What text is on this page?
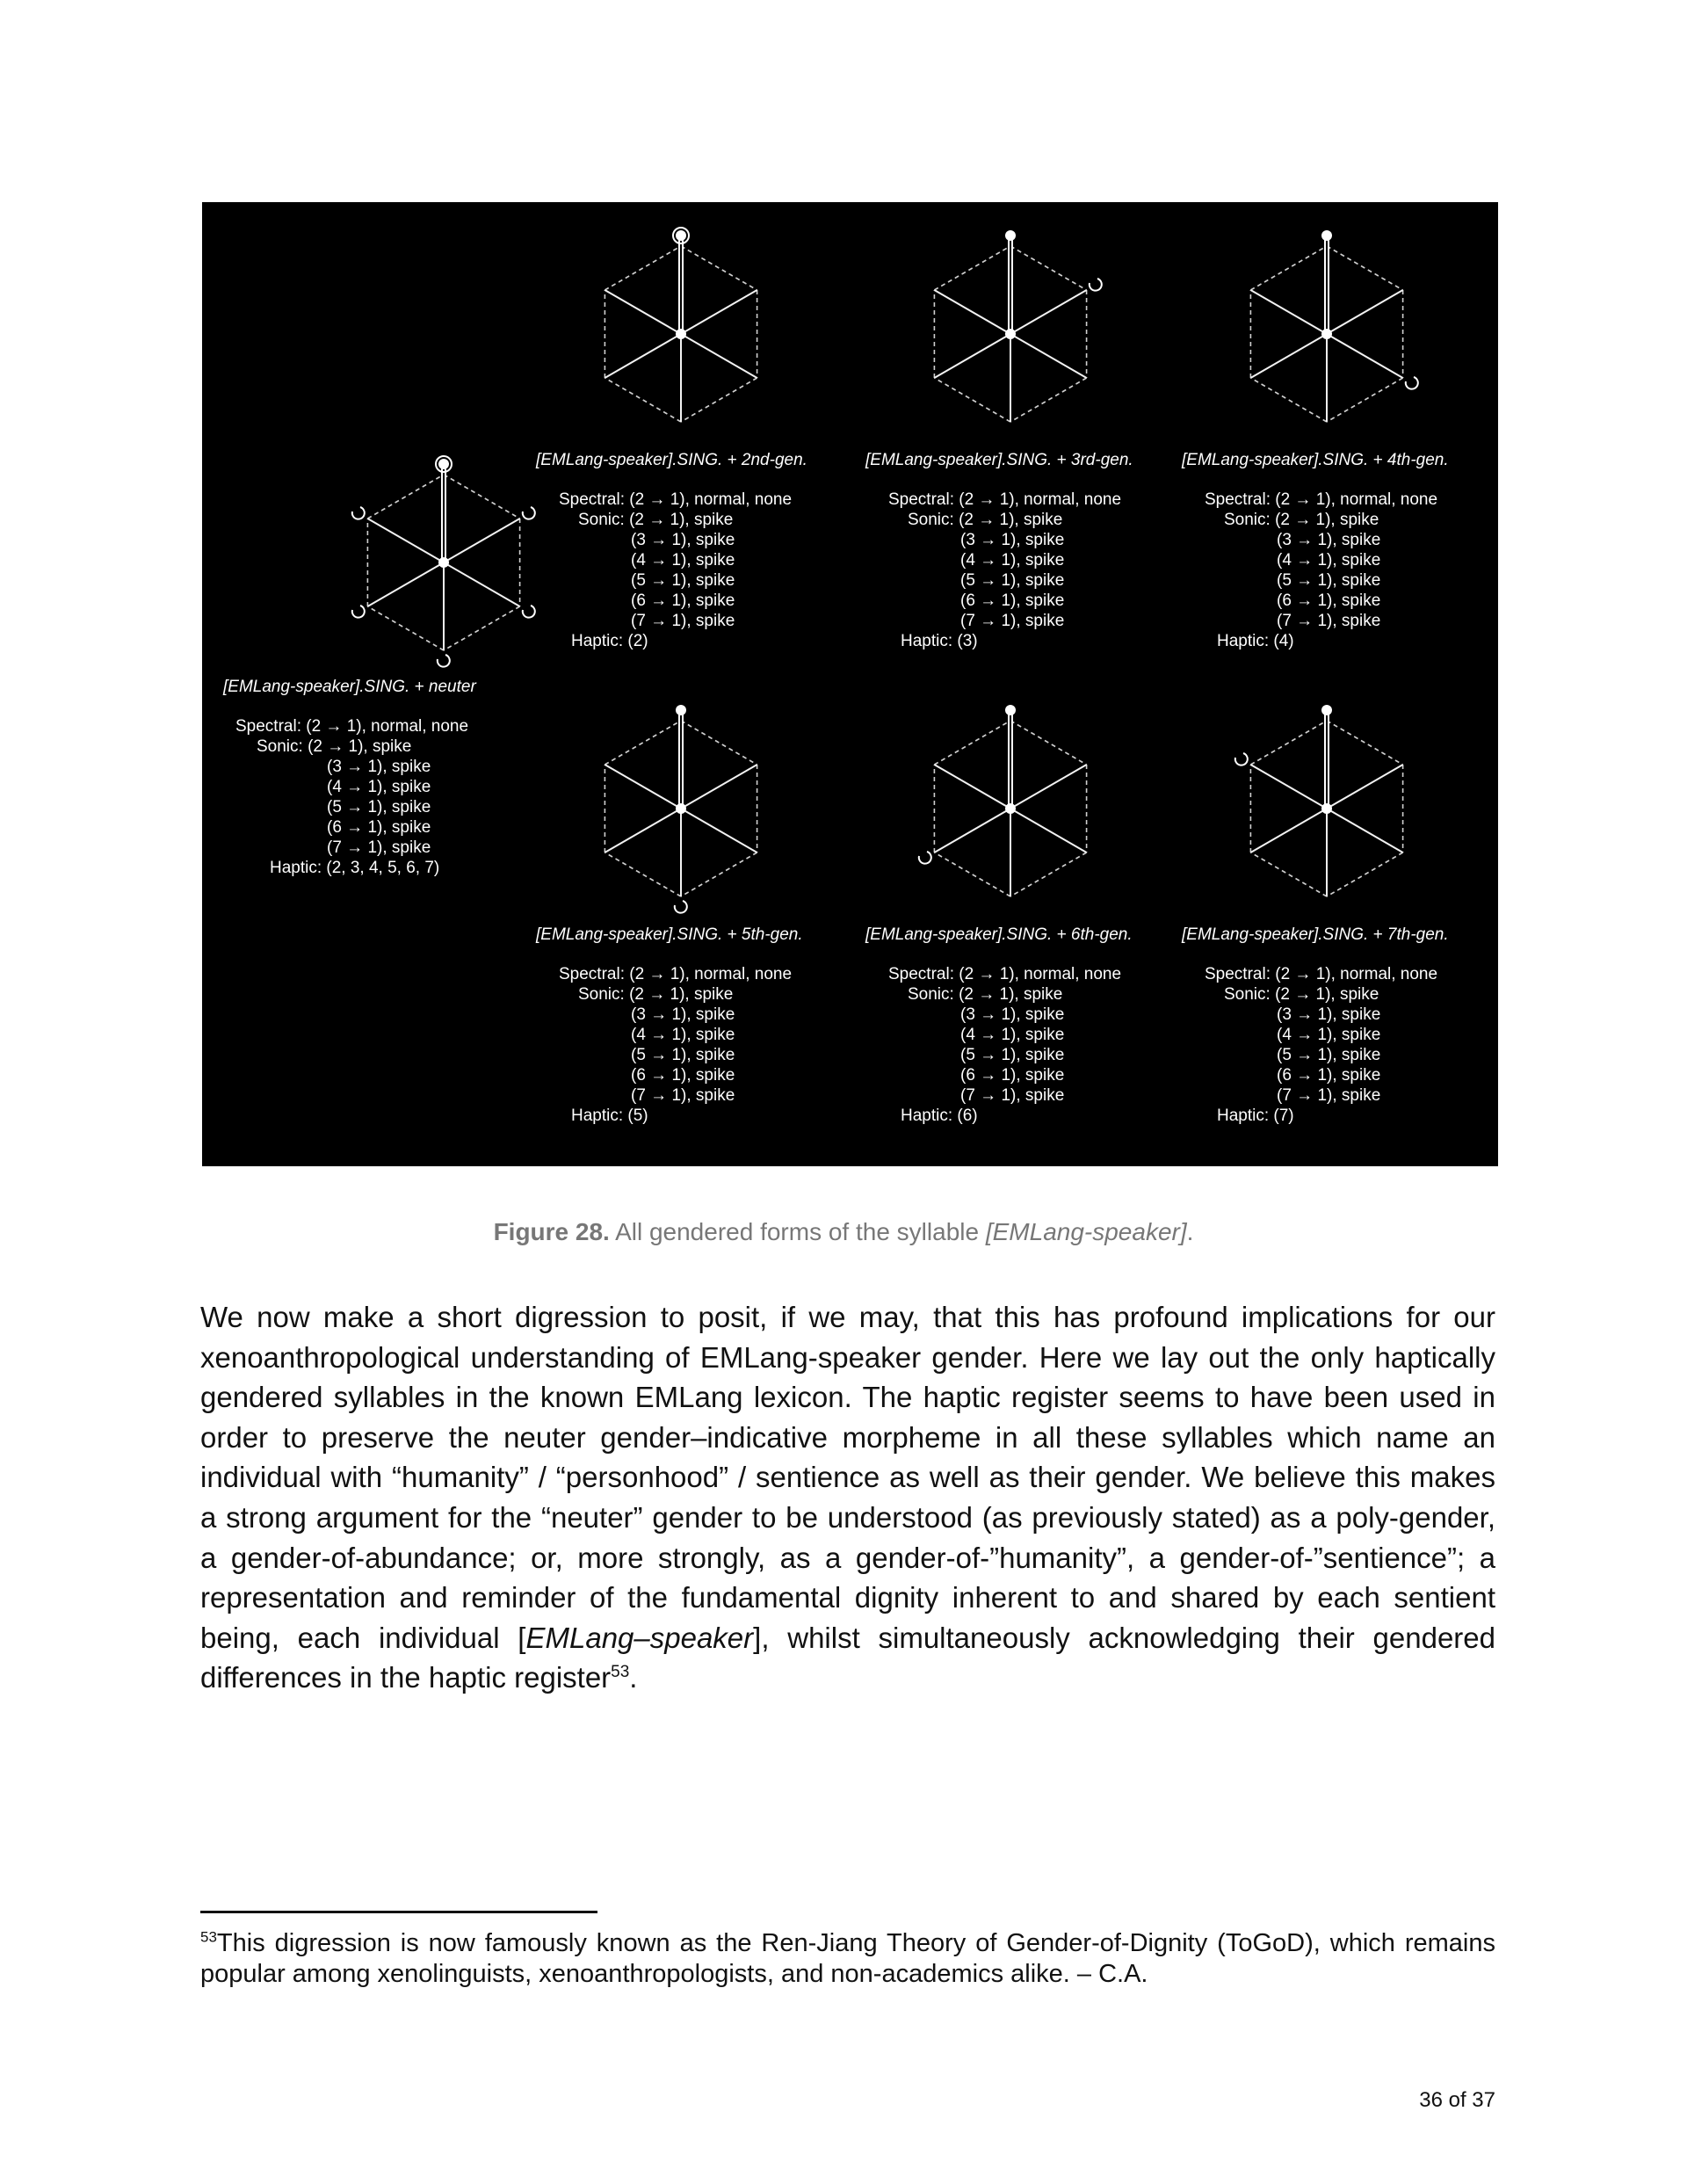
[EMLang-speaker].SING. + neuter
Spectral: (2 → 1), normal, none
Sonic: (2 → 1), spike
(3 → 1), spike
(4 → 1), spike
(5 → 1), spike
(6 → 1), spike
(7 → 1), spike
Haptic: (2, 3, 4, 5, 6, 7)
[EMLang-speaker].SING. + 2nd-gen.
Spectral: (2 → 1), normal, none
Sonic: (2 → 1), spike
(3 → 1), spike
(4 → 1), spike
(5 → 1), spike
(6 → 1), spike
(7 → 1), spike
Haptic: (2)
[EMLang-speaker].SING. + 3rd-gen.
Spectral: (2 → 1), normal, none
Sonic: (2 → 1), spike
(3 → 1), spike
(4 → 1), spike
(5 → 1), spike
(6 → 1), spike
(7 → 1), spike
Haptic: (3)
[EMLang-speaker].SING. + 4th-gen.
Spectral: (2 → 1), normal, none
Sonic: (2 → 1), spike
(3 → 1), spike
(4 → 1), spike
(5 → 1), spike
(6 → 1), spike
(7 → 1), spike
Haptic: (4)
[EMLang-speaker].SING. + 5th-gen.
Spectral: (2 → 1), normal, none
Sonic: (2 → 1), spike
(3 → 1), spike
(4 → 1), spike
(5 → 1), spike
(6 → 1), spike
(7 → 1), spike
Haptic: (5)
[EMLang-speaker].SING. + 6th-gen.
Spectral: (2 → 1), normal, none
Sonic: (2 → 1), spike
(3 → 1), spike
(4 → 1), spike
(5 → 1), spike
(6 → 1), spike
(7 → 1), spike
Haptic: (6)
[EMLang-speaker].SING. + 7th-gen.
Spectral: (2 → 1), normal, none
Sonic: (2 → 1), spike
(3 → 1), spike
(4 → 1), spike
(5 → 1), spike
(6 → 1), spike
(7 → 1), spike
Haptic: (7)
Figure 28. All gendered forms of the syllable [EMLang-speaker].
We now make a short digression to posit, if we may, that this has profound implications for our xenoanthropological understanding of EMLang-speaker gender. Here we lay out the only haptically gendered syllables in the known EMLang lexicon. The haptic register seems to have been used in order to preserve the neuter gender–indicative morpheme in all these syllables which name an individual with “humanity” / “personhood” / sentience as well as their gender. We believe this makes a strong argument for the “neuter” gender to be understood (as previously stated) as a poly-gender, a gender-of-abundance; or, more strongly, as a gender-of-”humanity”, a gender-of-”sentience”; a representation and reminder of the fundamental dignity inherent to and shared by each sentient being, each individual [EMLang–speaker], whilst simultaneously acknowledging their gendered differences in the haptic register$^{53}$.
$^{53}$This digression is now famously known as the Ren-Jiang Theory of Gender-of-Dignity (ToGoD), which remains popular among xenolinguists, xenoanthropologists, and non-academics alike. – C.A.
36 of 37
